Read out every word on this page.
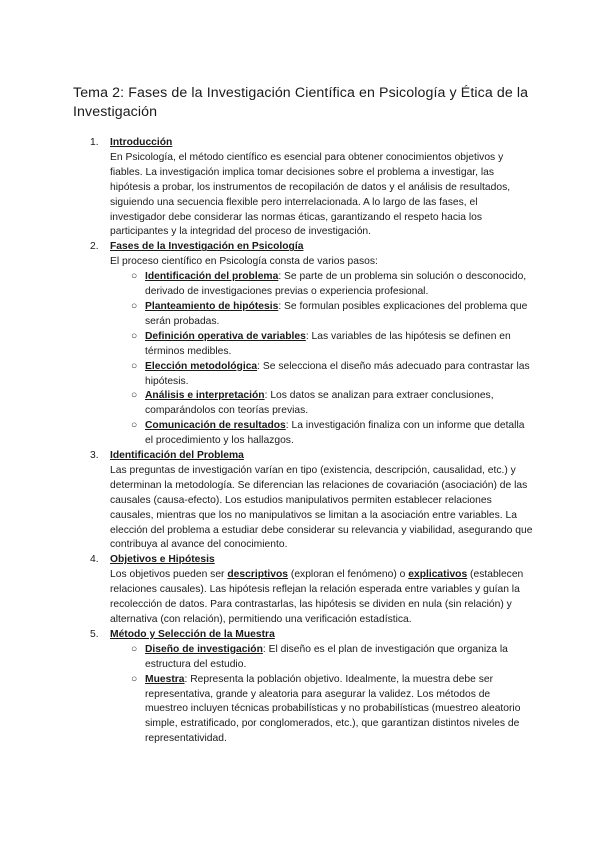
Tema 2: Fases de la Investigación Científica en Psicología y Ética de la Investigación
1. Introducción
En Psicología, el método científico es esencial para obtener conocimientos objetivos y fiables. La investigación implica tomar decisiones sobre el problema a investigar, las hipótesis a probar, los instrumentos de recopilación de datos y el análisis de resultados, siguiendo una secuencia flexible pero interrelacionada. A lo largo de las fases, el investigador debe considerar las normas éticas, garantizando el respeto hacia los participantes y la integridad del proceso de investigación.
2. Fases de la Investigación en Psicología
El proceso científico en Psicología consta de varios pasos:
○ Identificación del problema: Se parte de un problema sin solución o desconocido, derivado de investigaciones previas o experiencia profesional.
○ Planteamiento de hipótesis: Se formulan posibles explicaciones del problema que serán probadas.
○ Definición operativa de variables: Las variables de las hipótesis se definen en términos medibles.
○ Elección metodológica: Se selecciona el diseño más adecuado para contrastar las hipótesis.
○ Análisis e interpretación: Los datos se analizan para extraer conclusiones, comparándolos con teorías previas.
○ Comunicación de resultados: La investigación finaliza con un informe que detalla el procedimiento y los hallazgos.
3. Identificación del Problema
Las preguntas de investigación varían en tipo (existencia, descripción, causalidad, etc.) y determinan la metodología. Se diferencian las relaciones de covariación (asociación) de las causales (causa-efecto). Los estudios manipulativos permiten establecer relaciones causales, mientras que los no manipulativos se limitan a la asociación entre variables. La elección del problema a estudiar debe considerar su relevancia y viabilidad, asegurando que contribuya al avance del conocimiento.
4. Objetivos e Hipótesis
Los objetivos pueden ser descriptivos (exploran el fenómeno) o explicativos (establecen relaciones causales). Las hipótesis reflejan la relación esperada entre variables y guían la recolección de datos. Para contrastarlas, las hipótesis se dividen en nula (sin relación) y alternativa (con relación), permitiendo una verificación estadística.
5. Método y Selección de la Muestra
○ Diseño de investigación: El diseño es el plan de investigación que organiza la estructura del estudio.
○ Muestra: Representa la población objetivo. Idealmente, la muestra debe ser representativa, grande y aleatoria para asegurar la validez. Los métodos de muestreo incluyen técnicas probabilísticas y no probabilísticas (muestreo aleatorio simple, estratificado, por conglomerados, etc.), que garantizan distintos niveles de representatividad.
